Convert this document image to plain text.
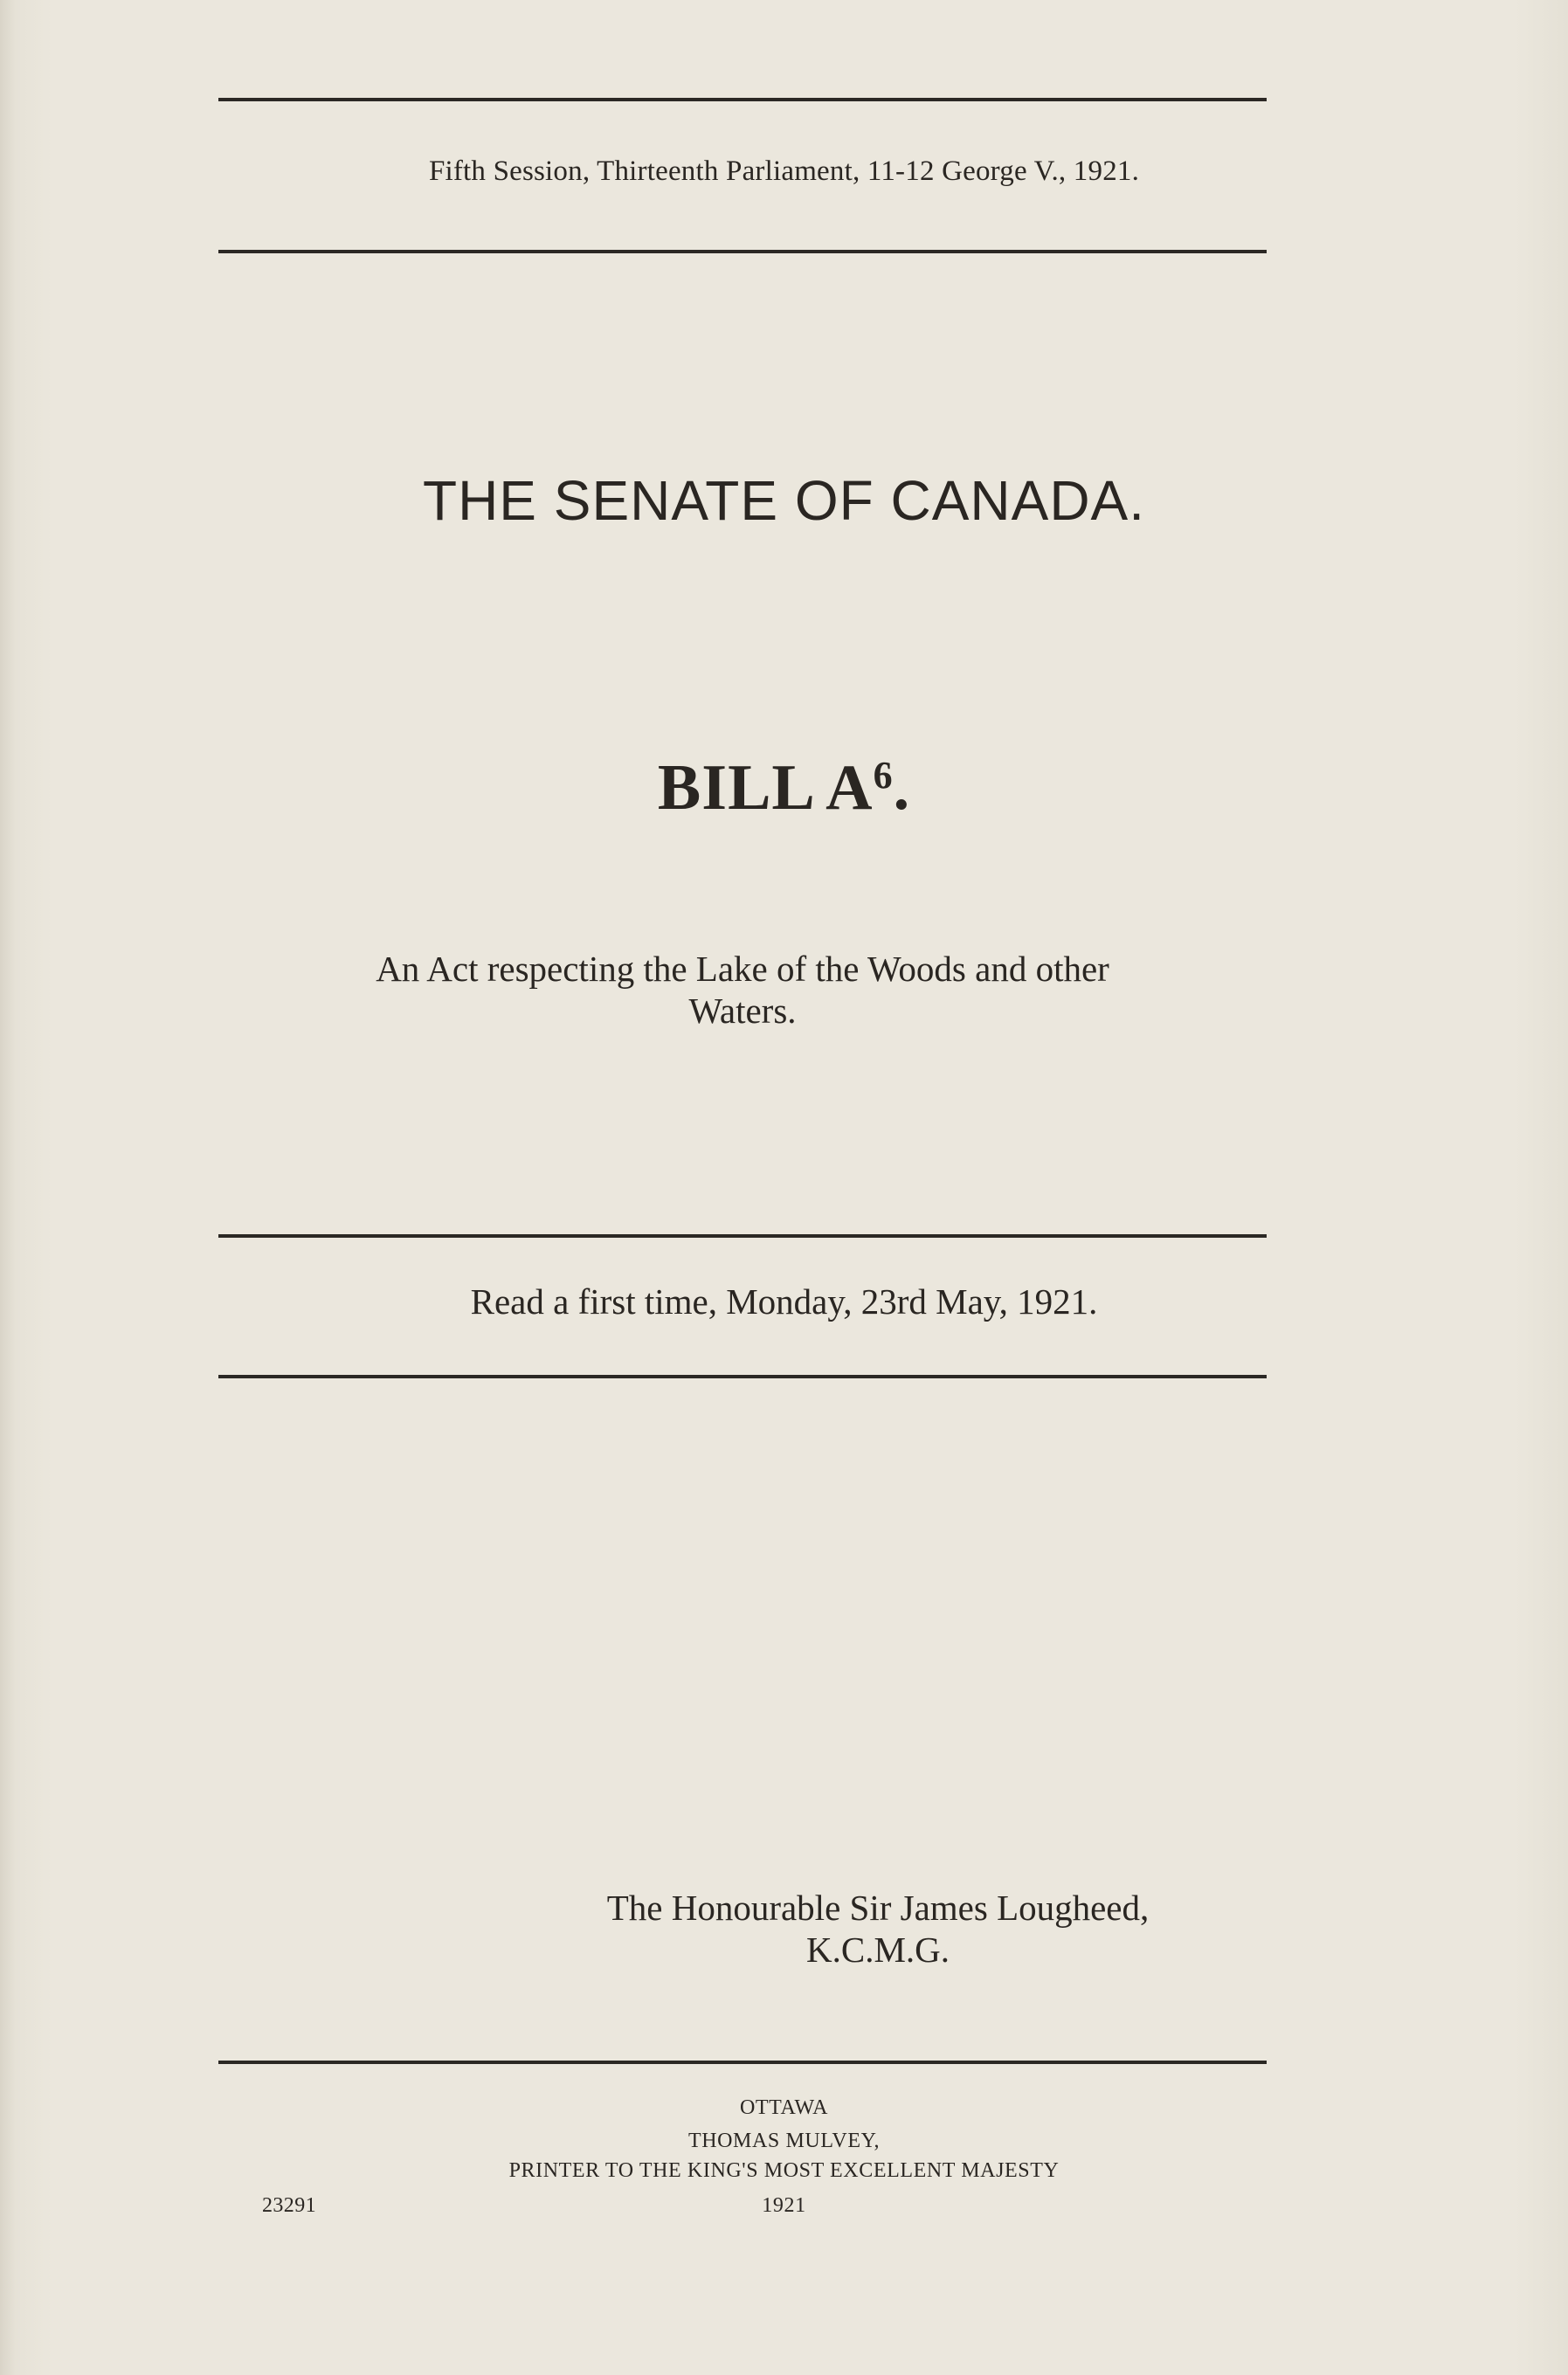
Fifth Session, Thirteenth Parliament, 11-12 George V., 1921.
THE SENATE OF CANADA.
BILL $A^6$.
An Act respecting the Lake of the Woods and other
Waters.
Read a first time, Monday, 23rd May, 1921.
The Honourable Sir James Lougheed,
K.C.M.G.
OTTAWA
THOMAS MULVEY,
PRINTER TO THE KING'S MOST EXCELLENT MAJESTY
1921
23291
